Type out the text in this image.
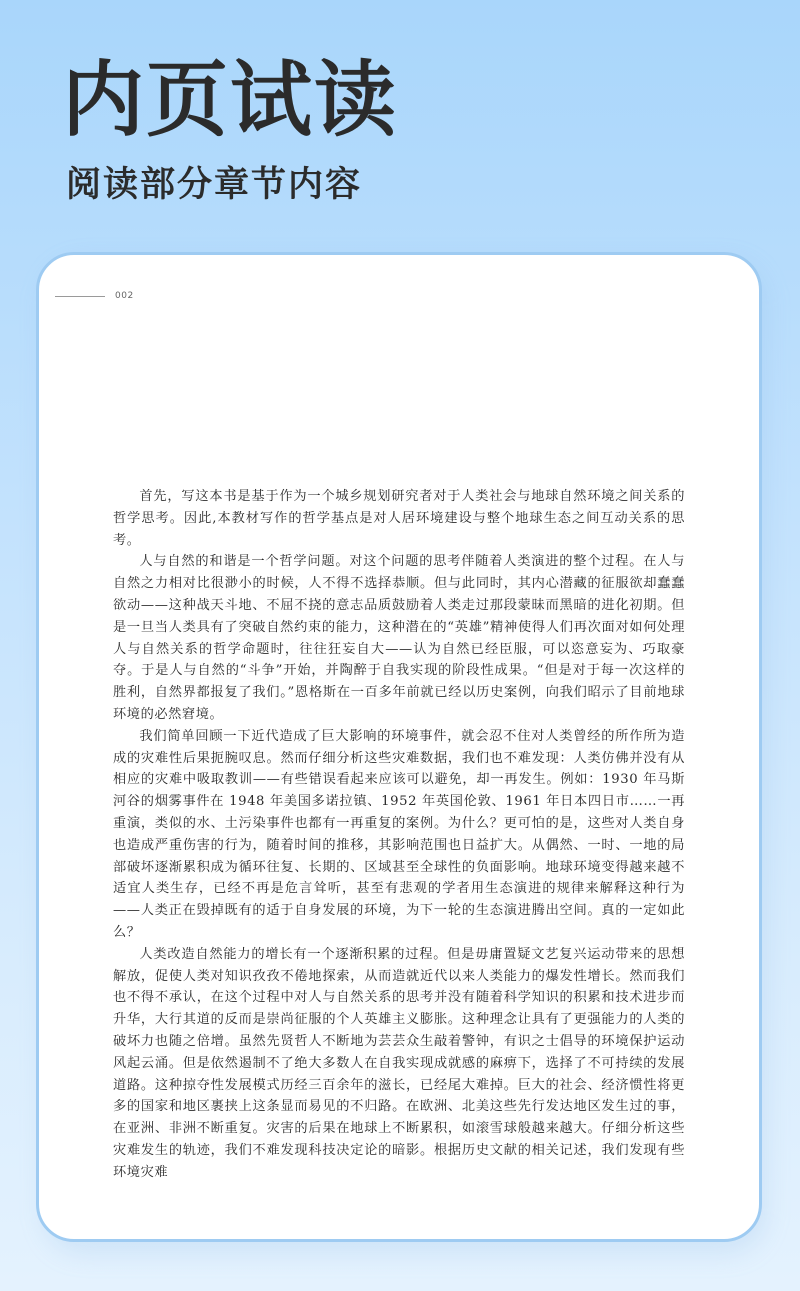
内页试读
阅读部分章节内容
002

首先，写这本书是基于作为一个城乡规划研究者对于人类社会与地球自然环境之间关系的哲学思考。因此,本教材写作的哲学基点是对人居环境建设与整个地球生态之间互动关系的思考。

人与自然的和谐是一个哲学问题。对这个问题的思考伴随着人类演进的整个过程。在人与自然之力相对比很渺小的时候，人不得不选择恭顺。但与此同时，其内心潜藏的征服欲却蠢蠢欲动——这种战天斗地、不屈不挠的意志品质鼓励着人类走过那段蒙昧而黑暗的进化初期。但是一旦当人类具有了突破自然约束的能力，这种潜在的“英雄”精神使得人们再次面对如何处理人与自然关系的哲学命题时，往往狂妄自大——认为自然已经臣服，可以恣意妄为、巧取豪夺。于是人与自然的“斗争”开始，并陶醉于自我实现的阶段性成果。“但是对于每一次这样的胜利，自然界都报复了我们。”恩格斯在一百多年前就已经以历史案例，向我们昭示了目前地球环境的必然窘境。

我们简单回顾一下近代造成了巨大影响的环境事件，就会忍不住对人类曾经的所作所为造成的灾难性后果扼腕叹息。然而仔细分析这些灾难数据，我们也不难发现：人类仿佛并没有从相应的灾难中吸取教训——有些错误看起来应该可以避免，却一再发生。例如：1930 年马斯河谷的烟雾事件在 1948 年美国多诺拉镇、1952 年英国伦敦、1961 年日本四日市……一再重演，类似的水、土污染事件也都有一再重复的案例。为什么？更可怕的是，这些对人类自身也造成严重伤害的行为，随着时间的推移，其影响范围也日益扩大。从偶然、一时、一地的局部破坏逐渐累积成为循环往复、长期的、区域甚至全球性的负面影响。地球环境变得越来越不适宜人类生存，已经不再是危言耸听，甚至有悲观的学者用生态演进的规律来解释这种行为——人类正在毁掉既有的适于自身发展的环境，为下一轮的生态演进腾出空间。真的一定如此么？

人类改造自然能力的增长有一个逐渐积累的过程。但是毋庸置疑文艺复兴运动带来的思想解放，促使人类对知识孜孜不倦地探索，从而造就近代以来人类能力的爆发性增长。然而我们也不得不承认，在这个过程中对人与自然关系的思考并没有随着科学知识的积累和技术进步而升华，大行其道的反而是崇尚征服的个人英雄主义膨胀。这种理念让具有了更强能力的人类的破坏力也随之倍增。虽然先贤哲人不断地为芸芸众生敲着警钟，有识之士倡导的环境保护运动风起云涌。但是依然遏制不了绝大多数人在自我实现成就感的麻痹下，选择了不可持续的发展道路。这种掠夺性发展模式历经三百余年的滋长，已经尾大难掉。巨大的社会、经济惯性将更多的国家和地区裹挟上这条显而易见的不归路。在欧洲、北美这些先行发达地区发生过的事，在亚洲、非洲不断重复。灾害的后果在地球上不断累积，如滚雪球般越来越大。仔细分析这些灾难发生的轨迹，我们不难发现科技决定论的暗影。根据历史文献的相关记述，我们发现有些环境灾难
